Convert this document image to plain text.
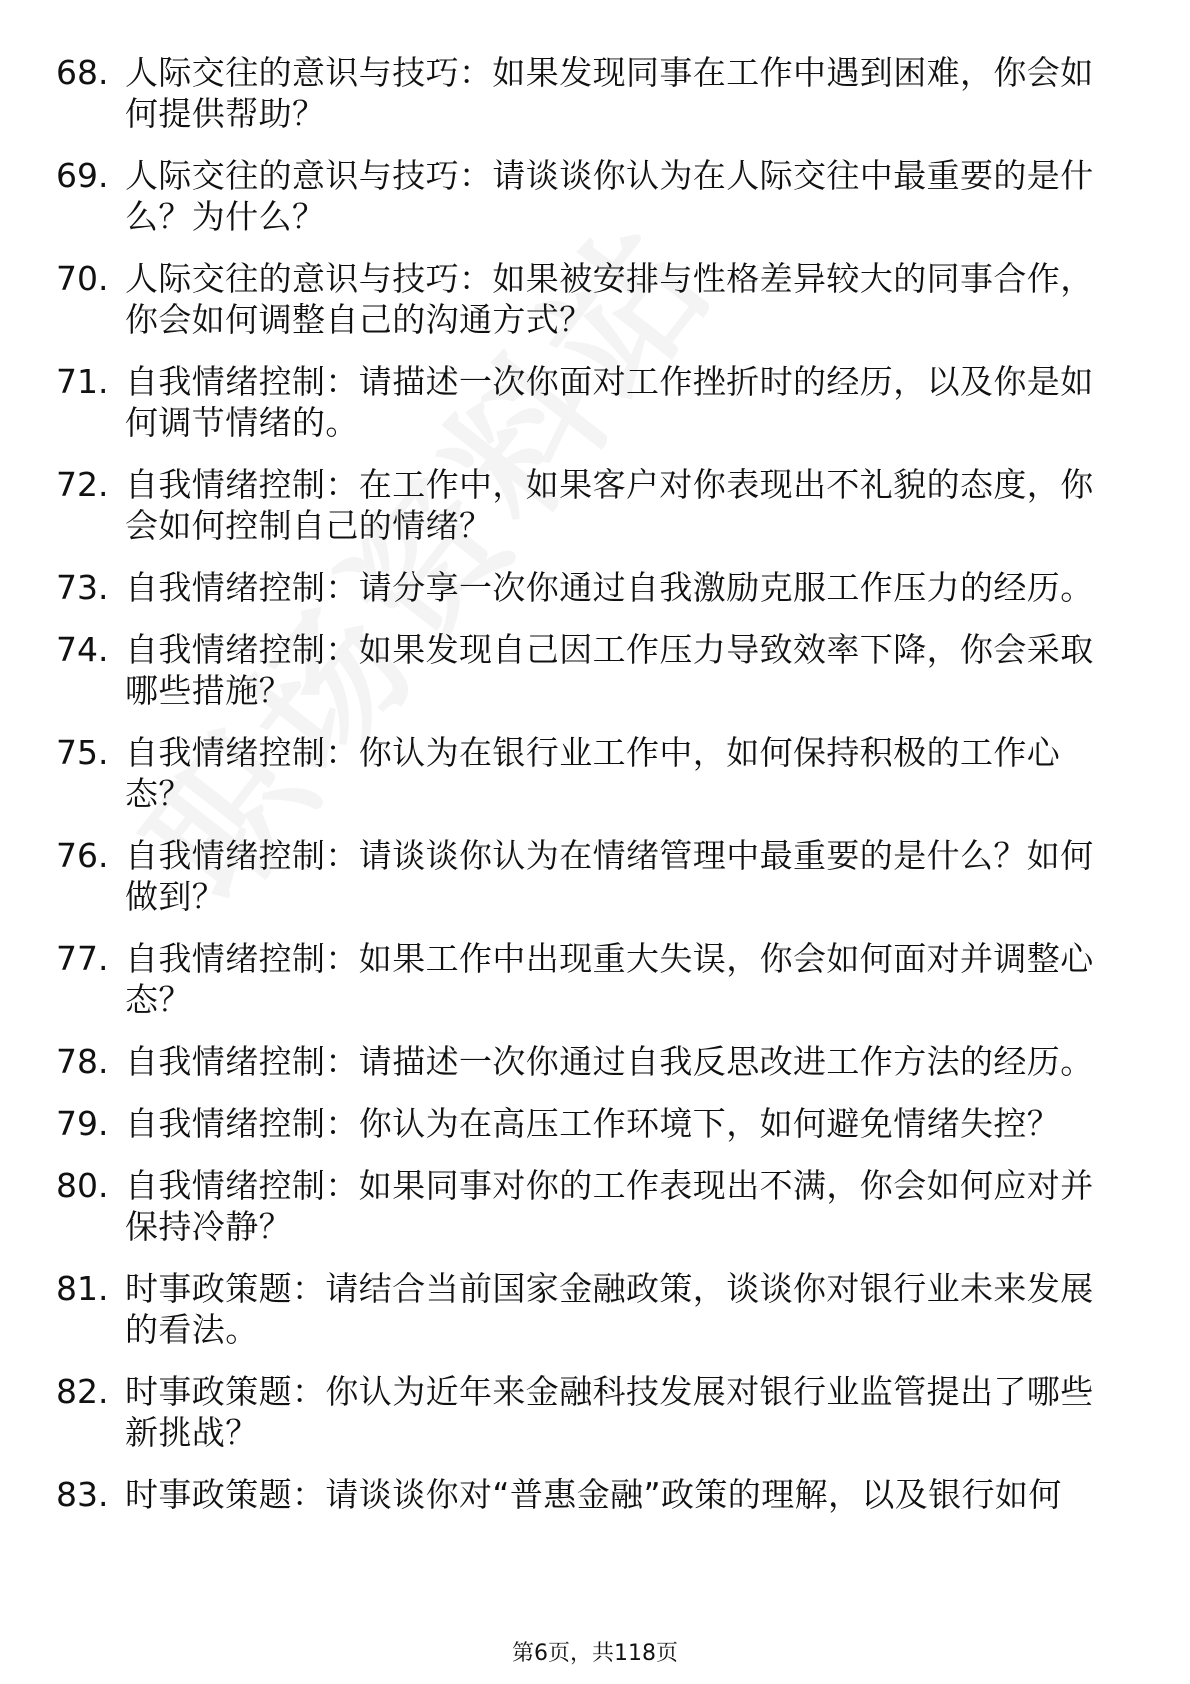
68. 人际交往的意识与技巧：如果发现同事在工作中遇到困难，你会如何提供帮助？
69. 人际交往的意识与技巧：请谈谈你认为在人际交往中最重要的是什么？为什么？
70. 人际交往的意识与技巧：如果被安排与性格差异较大的同事合作，你会如何调整自己的沟通方式？
71. 自我情绪控制：请描述一次你面对工作挫折时的经历，以及你是如何调节情绪的。
72. 自我情绪控制：在工作中，如果客户对你表现出不礼貌的态度，你会如何控制自己的情绪？
73. 自我情绪控制：请分享一次你通过自我激励克服工作压力的经历。
74. 自我情绪控制：如果发现自己因工作压力导致效率下降，你会采取哪些措施？
75. 自我情绪控制：你认为在银行业工作中，如何保持积极的工作心态？
76. 自我情绪控制：请谈谈你认为在情绪管理中最重要的是什么？如何做到？
77. 自我情绪控制：如果工作中出现重大失误，你会如何面对并调整心态？
78. 自我情绪控制：请描述一次你通过自我反思改进工作方法的经历。
79. 自我情绪控制：你认为在高压工作环境下，如何避免情绪失控？
80. 自我情绪控制：如果同事对你的工作表现出不满，你会如何应对并保持冷静？
81. 时事政策题：请结合当前国家金融政策，谈谈你对银行业未来发展的看法。
82. 时事政策题：你认为近年来金融科技发展对银行业监管提出了哪些新挑战？
83. 时事政策题：请谈谈你对“普惠金融”政策的理解，以及银行如何
第6页，共118页
